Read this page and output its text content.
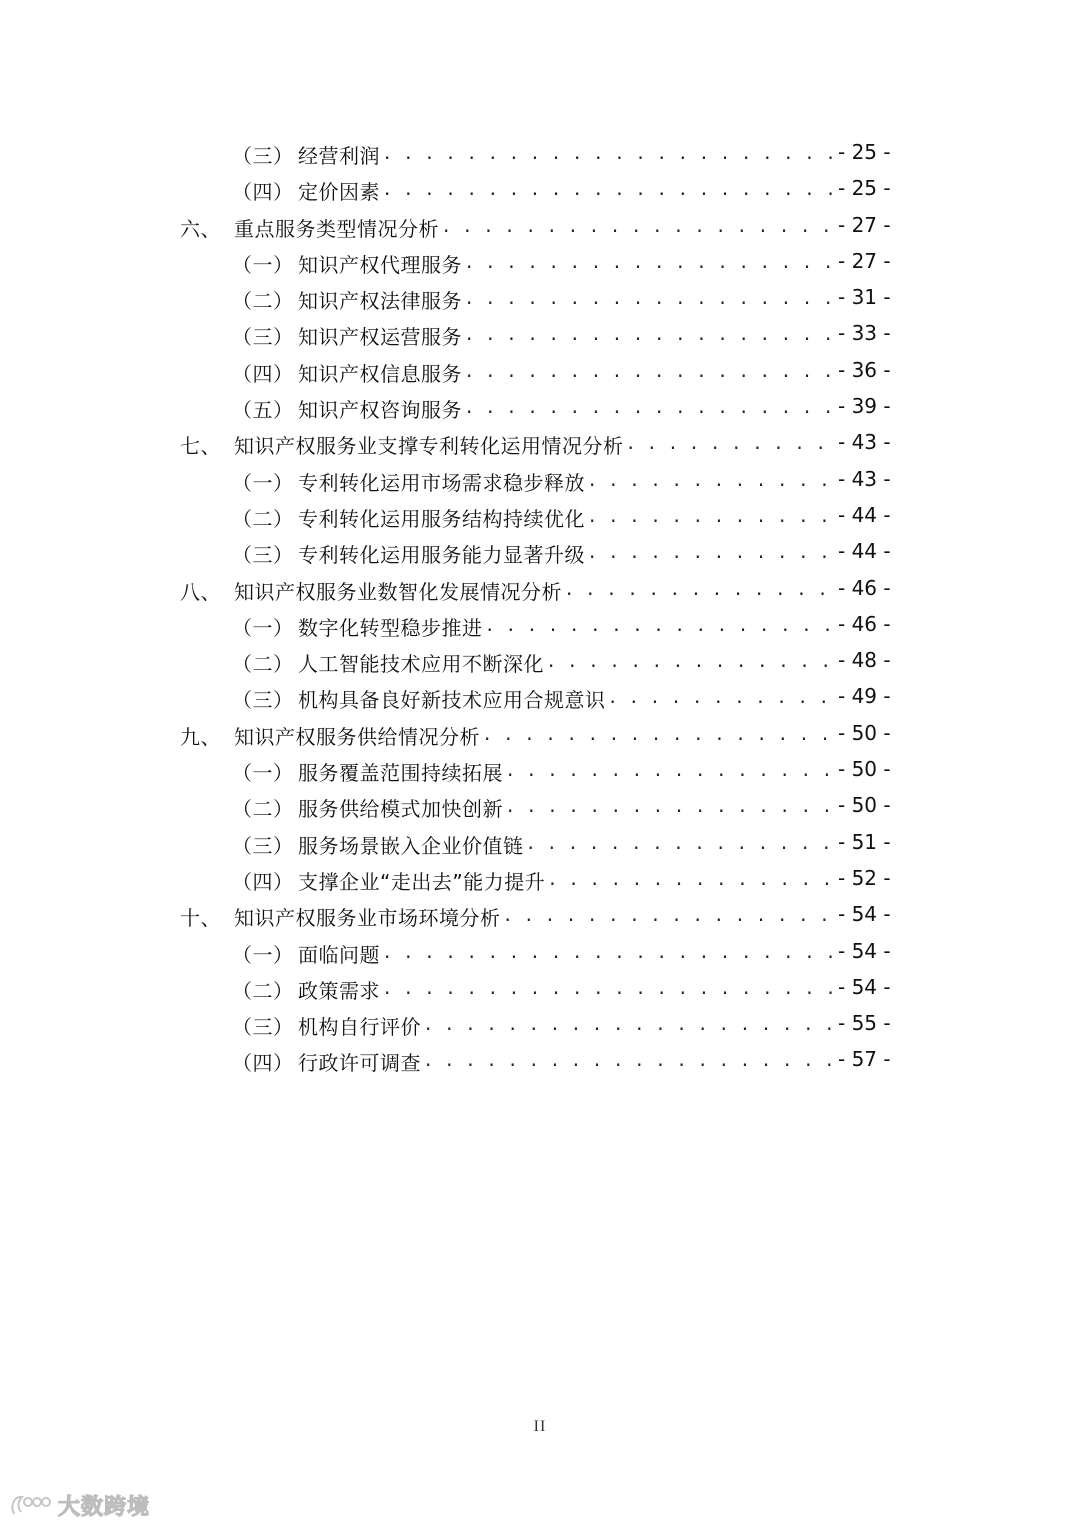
（三） 经营利润 . . .	- 25 -
（四） 定价因素 . . .	- 25 -
六、 重点服务类型情况分析 . . .	- 27 -
（一） 知识产权代理服务 . . .	- 27 -
（二） 知识产权法律服务 . . .	- 31 -
（三） 知识产权运营服务 . . .	- 33 -
（四） 知识产权信息服务 . . .	- 36 -
（五） 知识产权咨询服务 . . .	- 39 -
七、 知识产权服务业支撑专利转化运用情况分析 . . .	- 43 -
（一） 专利转化运用市场需求稳步释放 . . .	- 43 -
（二） 专利转化运用服务结构持续优化 . . .	- 44 -
（三） 专利转化运用服务能力显著升级 . . .	- 44 -
八、 知识产权服务业数智化发展情况分析 . . .	- 46 -
（一） 数字化转型稳步推进 . . .	- 46 -
（二） 人工智能技术应用不断深化 . . .	- 48 -
（三） 机构具备良好新技术应用合规意识 . . .	- 49 -
九、 知识产权服务供给情况分析 . . .	- 50 -
（一） 服务覆盖范围持续拓展 . . .	- 50 -
（二） 服务供给模式加快创新 . . .	- 50 -
（三） 服务场景嵌入企业价值链 . . .	- 51 -
（四） 支撑企业“走出去”能力提升 . . .	- 52 -
十、 知识产权服务业市场环境分析 . . .	- 54 -
（一） 面临问题 . . .	- 54 -
（二） 政策需求 . . .	- 54 -
（三） 机构自行评价 . . .	- 55 -
（四） 行政许可调查 . . .	- 57 -
II
大数跨境
